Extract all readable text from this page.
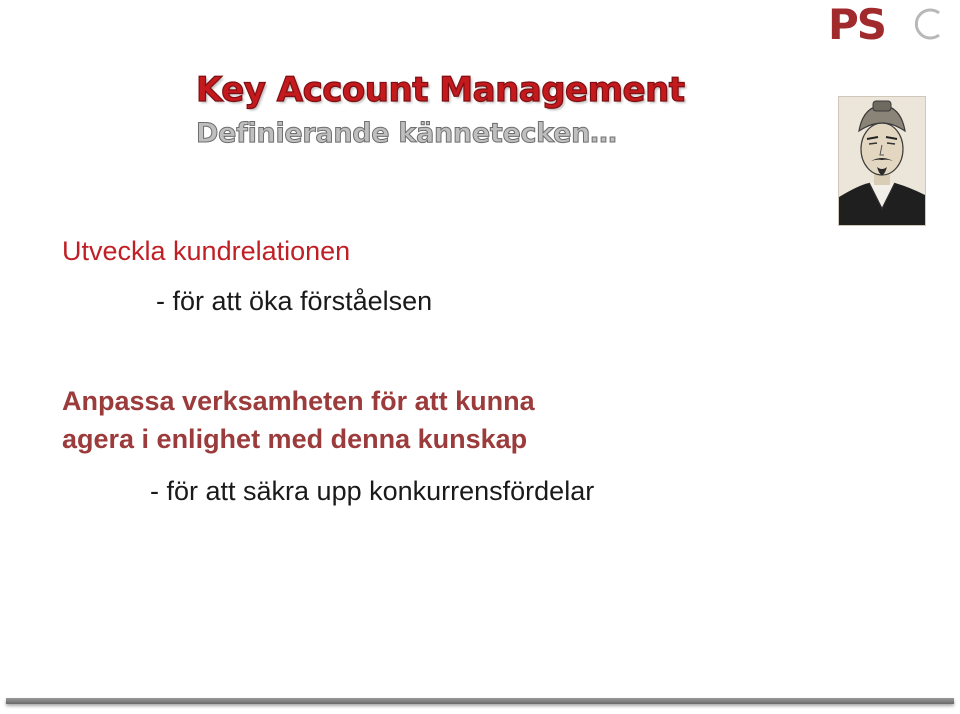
PS
Key Account Management
Definierande kännetecken…

Utveckla kundrelationen

- för att öka förståelsen

Anpassa verksamheten för att kunna

agera i enlighet med denna kunskap

- för att säkra upp konkurrensfördelar
